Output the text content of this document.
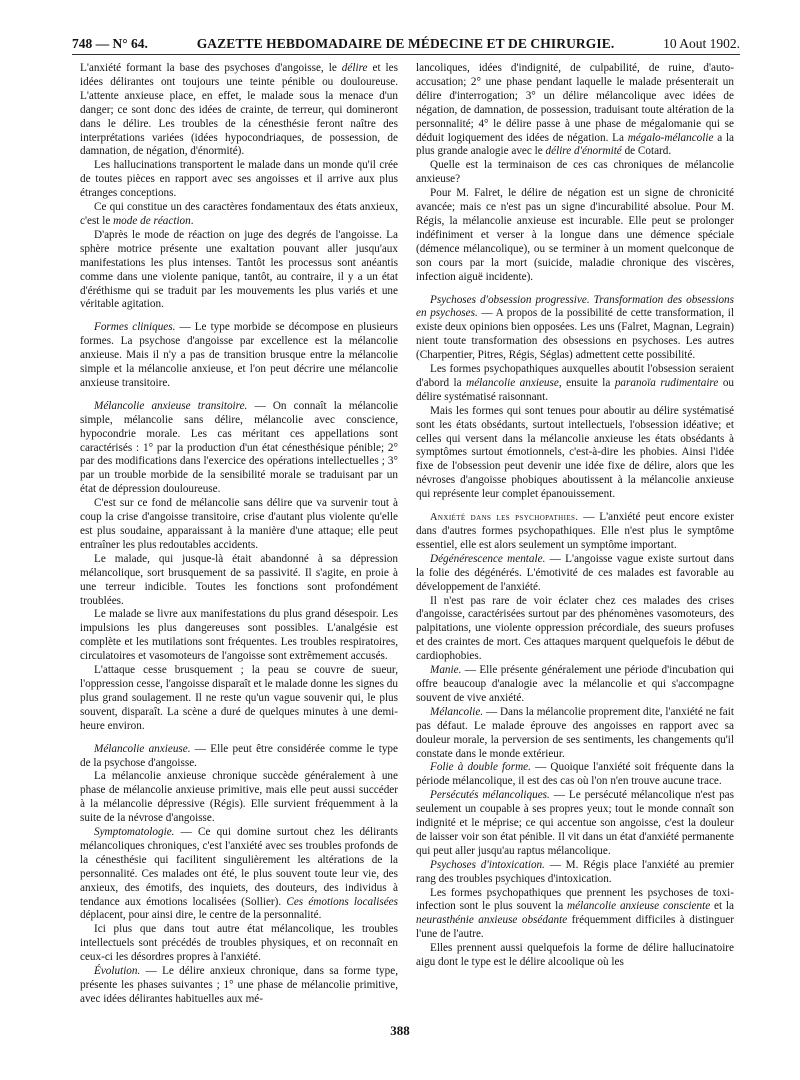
748 — N° 64.	GAZETTE HEBDOMADAIRE DE MÉDECINE ET DE CHIRURGIE.	10 Aout 1902.

L'anxiété formant la base des psychoses d'angoisse, le délire et les idées délirantes ont toujours une teinte pénible ou douloureuse. L'attente anxieuse place, en effet, le malade sous la menace d'un danger; ce sont donc des idées de crainte, de terreur, qui domineront dans le délire. Les troubles de la cénesthésie feront naître des interprétations variées (idées hypocondriaques, de possession, de damnation, de négation, d'énormité).

Les hallucinations transportent le malade dans un monde qu'il crée de toutes pièces en rapport avec ses angoisses et il arrive aux plus étranges conceptions.

Ce qui constitue un des caractères fondamentaux des états anxieux, c'est le mode de réaction.

D'après le mode de réaction on juge des degrés de l'angoisse. La sphère motrice présente une exaltation pouvant aller jusqu'aux manifestations les plus intenses. Tantôt les processus sont anéantis comme dans une violente panique, tantôt, au contraire, il y a un état d'éréthisme qui se traduit par les mouvements les plus variés et une véritable agitation.

Formes cliniques. — Le type morbide se décompose en plusieurs formes. La psychose d'angoisse par excellence est la mélancolie anxieuse. Mais il n'y a pas de transition brusque entre la mélancolie simple et la mélancolie anxieuse, et l'on peut décrire une mélancolie anxieuse transitoire.

Mélancolie anxieuse transitoire. — On connaît la mélancolie simple, mélancolie sans délire, mélancolie avec conscience, hypocondrie morale. Les cas méritant ces appellations sont caractérisés : 1° par la production d'un état cénesthésique pénible; 2° par des modifications dans l'exercice des opérations intellectuelles ; 3° par un trouble morbide de la sensibilité morale se traduisant par un état de dépression douloureuse.

C'est sur ce fond de mélancolie sans délire que va survenir tout à coup la crise d'angoisse transitoire, crise d'autant plus violente qu'elle est plus soudaine, apparaissant à la manière d'une attaque; elle peut entraîner les plus redoutables accidents.

Le malade, qui jusque-là était abandonné à sa dépression mélancolique, sort brusquement de sa passivité. Il s'agite, en proie à une terreur indicible. Toutes les fonctions sont profondément troublées.

Le malade se livre aux manifestations du plus grand désespoir. Les impulsions les plus dangereuses sont possibles. L'analgésie est complète et les mutilations sont fréquentes. Les troubles respiratoires, circulatoires et vasomoteurs de l'angoisse sont extrêmement accusés.

L'attaque cesse brusquement ; la peau se couvre de sueur, l'oppression cesse, l'angoisse disparaît et le malade donne les signes du plus grand soulagement. Il ne reste qu'un vague souvenir qui, le plus souvent, disparaît. La scène a duré de quelques minutes à une demi-heure environ.

Mélancolie anxieuse. — Elle peut être considérée comme le type de la psychose d'angoisse.

La mélancolie anxieuse chronique succède généralement à une phase de mélancolie anxieuse primitive, mais elle peut aussi succéder à la mélancolie dépressive (Régis). Elle survient fréquemment à la suite de la névrose d'angoisse.

Symptomatologie. — Ce qui domine surtout chez les délirants mélancoliques chroniques, c'est l'anxiété avec ses troubles profonds de la cénesthésie qui facilitent singulièrement les altérations de la personnalité. Ces malades ont été, le plus souvent toute leur vie, des anxieux, des émotifs, des inquiets, des douteurs, des individus à tendance aux émotions localisées (Sollier). Ces émotions localisées déplacent, pour ainsi dire, le centre de la personnalité.

Ici plus que dans tout autre état mélancolique, les troubles intellectuels sont précédés de troubles physiques, et on reconnaît en ceux-ci les désordres propres à l'anxiété.

Évolution. — Le délire anxieux chronique, dans sa forme type, présente les phases suivantes ; 1° une phase de mélancolie primitive, avec idées délirantes habituelles aux mé-

lancoliques, idées d'indignité, de culpabilité, de ruine, d'auto-accusation; 2° une phase pendant laquelle le malade présenterait un délire d'interrogation; 3° un délire mélancolique avec idées de négation, de damnation, de possession, traduisant toute altération de la personnalité; 4° le délire passe à une phase de mégalomanie qui se déduit logiquement des idées de négation. La mégalo-mélancolie a la plus grande analogie avec le délire d'énormité de Cotard.

Quelle est la terminaison de ces cas chroniques de mélancolie anxieuse?

Pour M. Falret, le délire de négation est un signe de chronicité avancée; mais ce n'est pas un signe d'incurabilité absolue. Pour M. Régis, la mélancolie anxieuse est incurable. Elle peut se prolonger indéfiniment et verser à la longue dans une démence spéciale (démence mélancolique), ou se terminer à un moment quelconque de son cours par la mort (suicide, maladie chronique des viscères, infection aiguë incidente).

Psychoses d'obsession progressive. Transformation des obsessions en psychoses. — A propos de la possibilité de cette transformation, il existe deux opinions bien opposées. Les uns (Falret, Magnan, Legrain) nient toute transformation des obsessions en psychoses. Les autres (Charpentier, Pitres, Régis, Séglas) admettent cette possibilité.

Les formes psychopathiques auxquelles aboutit l'obsession seraient d'abord la mélancolie anxieuse, ensuite la paranoïa rudimentaire ou délire systématisé raisonnant.

Mais les formes qui sont tenues pour aboutir au délire systématisé sont les états obsédants, surtout intellectuels, l'obsession idéative; et celles qui versent dans la mélancolie anxieuse les états obsédants à symptômes surtout émotionnels, c'est-à-dire les phobies. Ainsi l'idée fixe de l'obsession peut devenir une idée fixe de délire, alors que les névroses d'angoisse phobiques aboutissent à la mélancolie anxieuse qui représente leur complet épanouissement.

Anxiété dans les psychopathies. — L'anxiété peut encore exister dans d'autres formes psychopathiques. Elle n'est plus le symptôme essentiel, elle est alors seulement un symptôme important.

Dégénérescence mentale. — L'angoisse vague existe surtout dans la folie des dégénérés. L'émotivité de ces malades est favorable au développement de l'anxiété.

Il n'est pas rare de voir éclater chez ces malades des crises d'angoisse, caractérisées surtout par des phénomènes vasomoteurs, des palpitations, une violente oppression précordiale, des sueurs profuses et des craintes de mort. Ces attaques marquent quelquefois le début de cardiophobies.

Manie. — Elle présente généralement une période d'incubation qui offre beaucoup d'analogie avec la mélancolie et qui s'accompagne souvent de vive anxiété.

Mélancolie. — Dans la mélancolie proprement dite, l'anxiété ne fait pas défaut. Le malade éprouve des angoisses en rapport avec sa douleur morale, la perversion de ses sentiments, les changements qu'il constate dans le monde extérieur.

Folie à double forme. — Quoique l'anxiété soit fréquente dans la période mélancolique, il est des cas où l'on n'en trouve aucune trace.

Persécutés mélancoliques. — Le persécuté mélancolique n'est pas seulement un coupable à ses propres yeux; tout le monde connaît son indignité et le méprise; ce qui accentue son angoisse, c'est la douleur de laisser voir son état pénible. Il vit dans un état d'anxiété permanente qui peut aller jusqu'au raptus mélancolique.

Psychoses d'intoxication. — M. Régis place l'anxiété au premier rang des troubles psychiques d'intoxication.

Les formes psychopathiques que prennent les psychoses de toxi-infection sont le plus souvent la mélancolie anxieuse consciente et la neurasthénie anxieuse obsédante fréquemment difficiles à distinguer l'une de l'autre.

Elles prennent aussi quelquefois la forme de délire hallucinatoire aigu dont le type est le délire alcoolique où les

388
